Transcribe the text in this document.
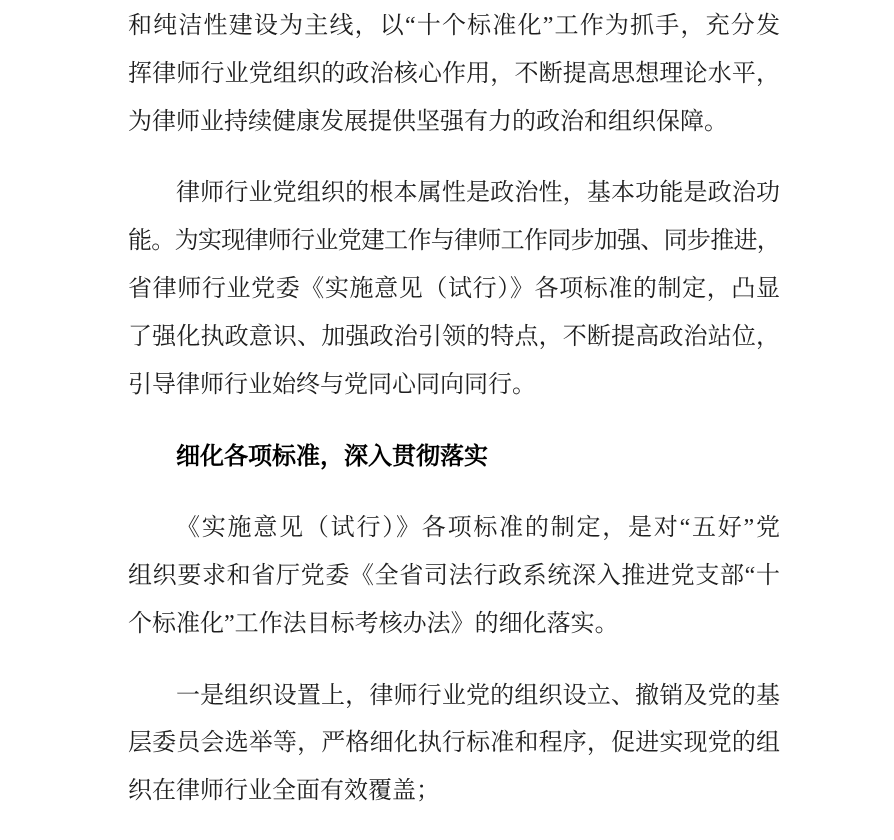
和纯洁性建设为主线，以“十个标准化”工作为抓手，充分发
挥律师行业党组织的政治核心作用，不断提高思想理论水平，
为律师业持续健康发展提供坚强有力的政治和组织保障。

律师行业党组织的根本属性是政治性，基本功能是政治功
能。为实现律师行业党建工作与律师工作同步加强、同步推进，
省律师行业党委《实施意见（试行）》各项标准的制定，凸显
了强化执政意识、加强政治引领的特点，不断提高政治站位，
引导律师行业始终与党同心同向同行。

细化各项标准，深入贯彻落实

《实施意见（试行）》各项标准的制定，是对“五好”党
组织要求和省厅党委《全省司法行政系统深入推进党支部“十
个标准化”工作法目标考核办法》的细化落实。

一是组织设置上，律师行业党的组织设立、撤销及党的基
层委员会选举等，严格细化执行标准和程序，促进实现党的组
织在律师行业全面有效覆盖；
